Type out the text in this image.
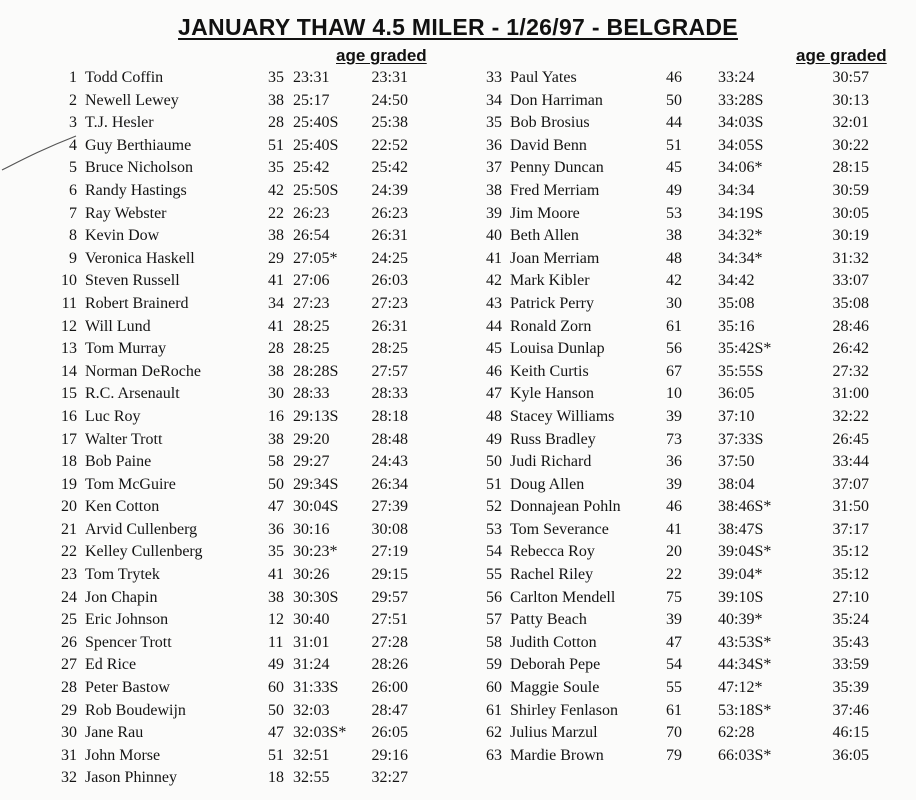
JANUARY THAW 4.5 MILER - 1/26/97 - BELGRADE
age graded	age graded
1 Todd Coffin	35 23:31	23:31
2 Newell Lewey	38 25:17	24:50
3 T.J. Hesler	28 25:40S	25:38
4 Guy Berthiaume	51 25:40S	22:52
5 Bruce Nicholson	35 25:42	25:42
6 Randy Hastings	42 25:50S	24:39
7 Ray Webster	22 26:23	26:23
8 Kevin Dow	38 26:54	26:31
9 Veronica Haskell	29 27:05*	24:25
10 Steven Russell	41 27:06	26:03
11 Robert Brainerd	34 27:23	27:23
12 Will Lund	41 28:25	26:31
13 Tom Murray	28 28:25	28:25
14 Norman DeRoche	38 28:28S	27:57
15 R.C. Arsenault	30 28:33	28:33
16 Luc Roy	16 29:13S	28:18
17 Walter Trott	38 29:20	28:48
18 Bob Paine	58 29:27	24:43
19 Tom McGuire	50 29:34S	26:34
20 Ken Cotton	47 30:04S	27:39
21 Arvid Cullenberg	36 30:16	30:08
22 Kelley Cullenberg	35 30:23*	27:19
23 Tom Trytek	41 30:26	29:15
24 Jon Chapin	38 30:30S	29:57
25 Eric Johnson	12 30:40	27:51
26 Spencer Trott	11 31:01	27:28
27 Ed Rice	49 31:24	28:26
28 Peter Bastow	60 31:33S	26:00
29 Rob Boudewijn	50 32:03	28:47
30 Jane Rau	47 32:03S*	26:05
31 John Morse	51 32:51	29:16
32 Jason Phinney	18 32:55	32:27
33 Paul Yates	46 33:24	30:57
34 Don Harriman	50 33:28S	30:13
35 Bob Brosius	44 34:03S	32:01
36 David Benn	51 34:05S	30:22
37 Penny Duncan	45 34:06*	28:15
38 Fred Merriam	49 34:34	30:59
39 Jim Moore	53 34:19S	30:05
40 Beth Allen	38 34:32*	30:19
41 Joan Merriam	48 34:34*	31:32
42 Mark Kibler	42 34:42	33:07
43 Patrick Perry	30 35:08	35:08
44 Ronald Zorn	61 35:16	28:46
45 Louisa Dunlap	56 35:42S*	26:42
46 Keith Curtis	67 35:55S	27:32
47 Kyle Hanson	10 36:05	31:00
48 Stacey Williams	39 37:10	32:22
49 Russ Bradley	73 37:33S	26:45
50 Judi Richard	36 37:50	33:44
51 Doug Allen	39 38:04	37:07
52 Donnajean Pohln	46 38:46S*	31:50
53 Tom Severance	41 38:47S	37:17
54 Rebecca Roy	20 39:04S*	35:12
55 Rachel Riley	22 39:04*	35:12
56 Carlton Mendell	75 39:10S	27:10
57 Patty Beach	39 40:39*	35:24
58 Judith Cotton	47 43:53S*	35:43
59 Deborah Pepe	54 44:34S*	33:59
60 Maggie Soule	55 47:12*	35:39
61 Shirley Fenlason	61 53:18S*	37:46
62 Julius Marzul	70 62:28	46:15
63 Mardie Brown	79 66:03S*	36:05
